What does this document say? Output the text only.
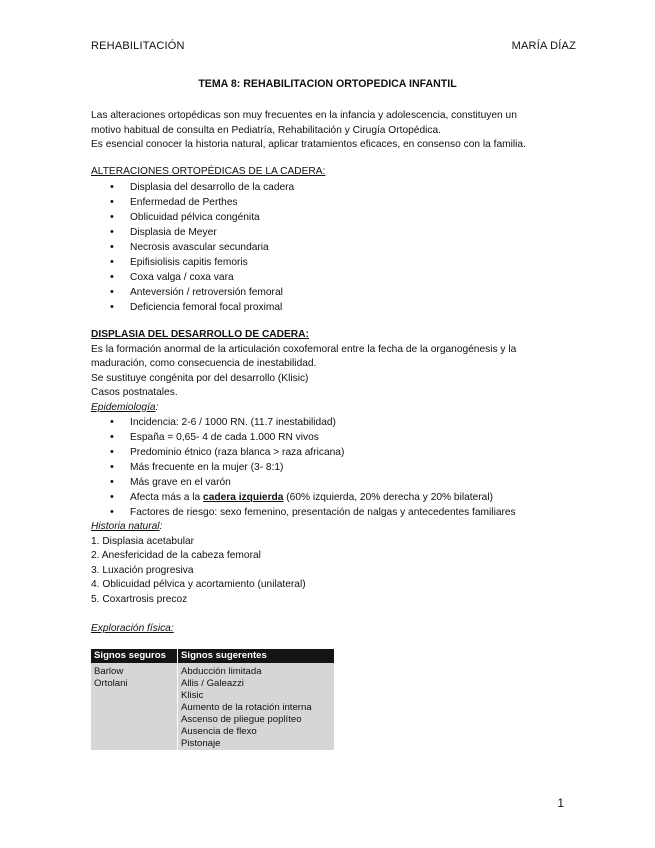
REHABILITACIÓN	MARÍA DÍAZ
TEMA 8: REHABILITACION ORTOPEDICA INFANTIL
Las alteraciones ortopédicas son muy frecuentes en la infancia y adolescencia, constituyen un
motivo habitual de consulta en Pediatría, Rehabilitación y Cirugía Ortopédica.
Es esencial conocer la historia natural, aplicar tratamientos eficaces, en consenso con la familia.
ALTERACIONES ORTOPÉDICAS DE LA CADERA:
• Displasia del desarrollo de la cadera
• Enfermedad de Perthes
• Oblicuidad pélvica congénita
• Displasia de Meyer
• Necrosis avascular secundaria
• Epifisiolisis capitis femoris
• Coxa valga / coxa vara
• Anteversión / retroversión femoral
• Deficiencia femoral focal proximal
DISPLASIA DEL DESARROLLO DE CADERA:
Es la formación anormal de la articulación coxofemoral entre la fecha de la organogénesis y la
maduración, como consecuencia de inestabilidad.
Se sustituye congénita por del desarrollo (Klisic)
Casos postnatales.
Epidemiología:
• Incidencia: 2-6 / 1000 RN. (11.7 inestabilidad)
• España = 0,65- 4 de cada 1.000 RN vivos
• Predominio étnico (raza blanca > raza africana)
• Más frecuente en la mujer (3- 8:1)
• Más grave en el varón
• Afecta más a la cadera izquierda (60% izquierda, 20% derecha y 20% bilateral)
• Factores de riesgo: sexo femenino, presentación de nalgas y antecedentes familiares
Historia natural:
1. Displasia acetabular
2. Anesfericidad de la cabeza femoral
3. Luxación progresiva
4. Oblicuidad pélvica y acortamiento (unilateral)
5. Coxartrosis precoz
Exploración física:
Signos seguros Signos sugerentes
Barlow
Ortolani
Abducción limitada
Allis / Galeazzi
Klisic
Aumento de la rotación interna
Ascenso de pliegue poplíteo
Ausencia de flexo
Pistonaje
1
